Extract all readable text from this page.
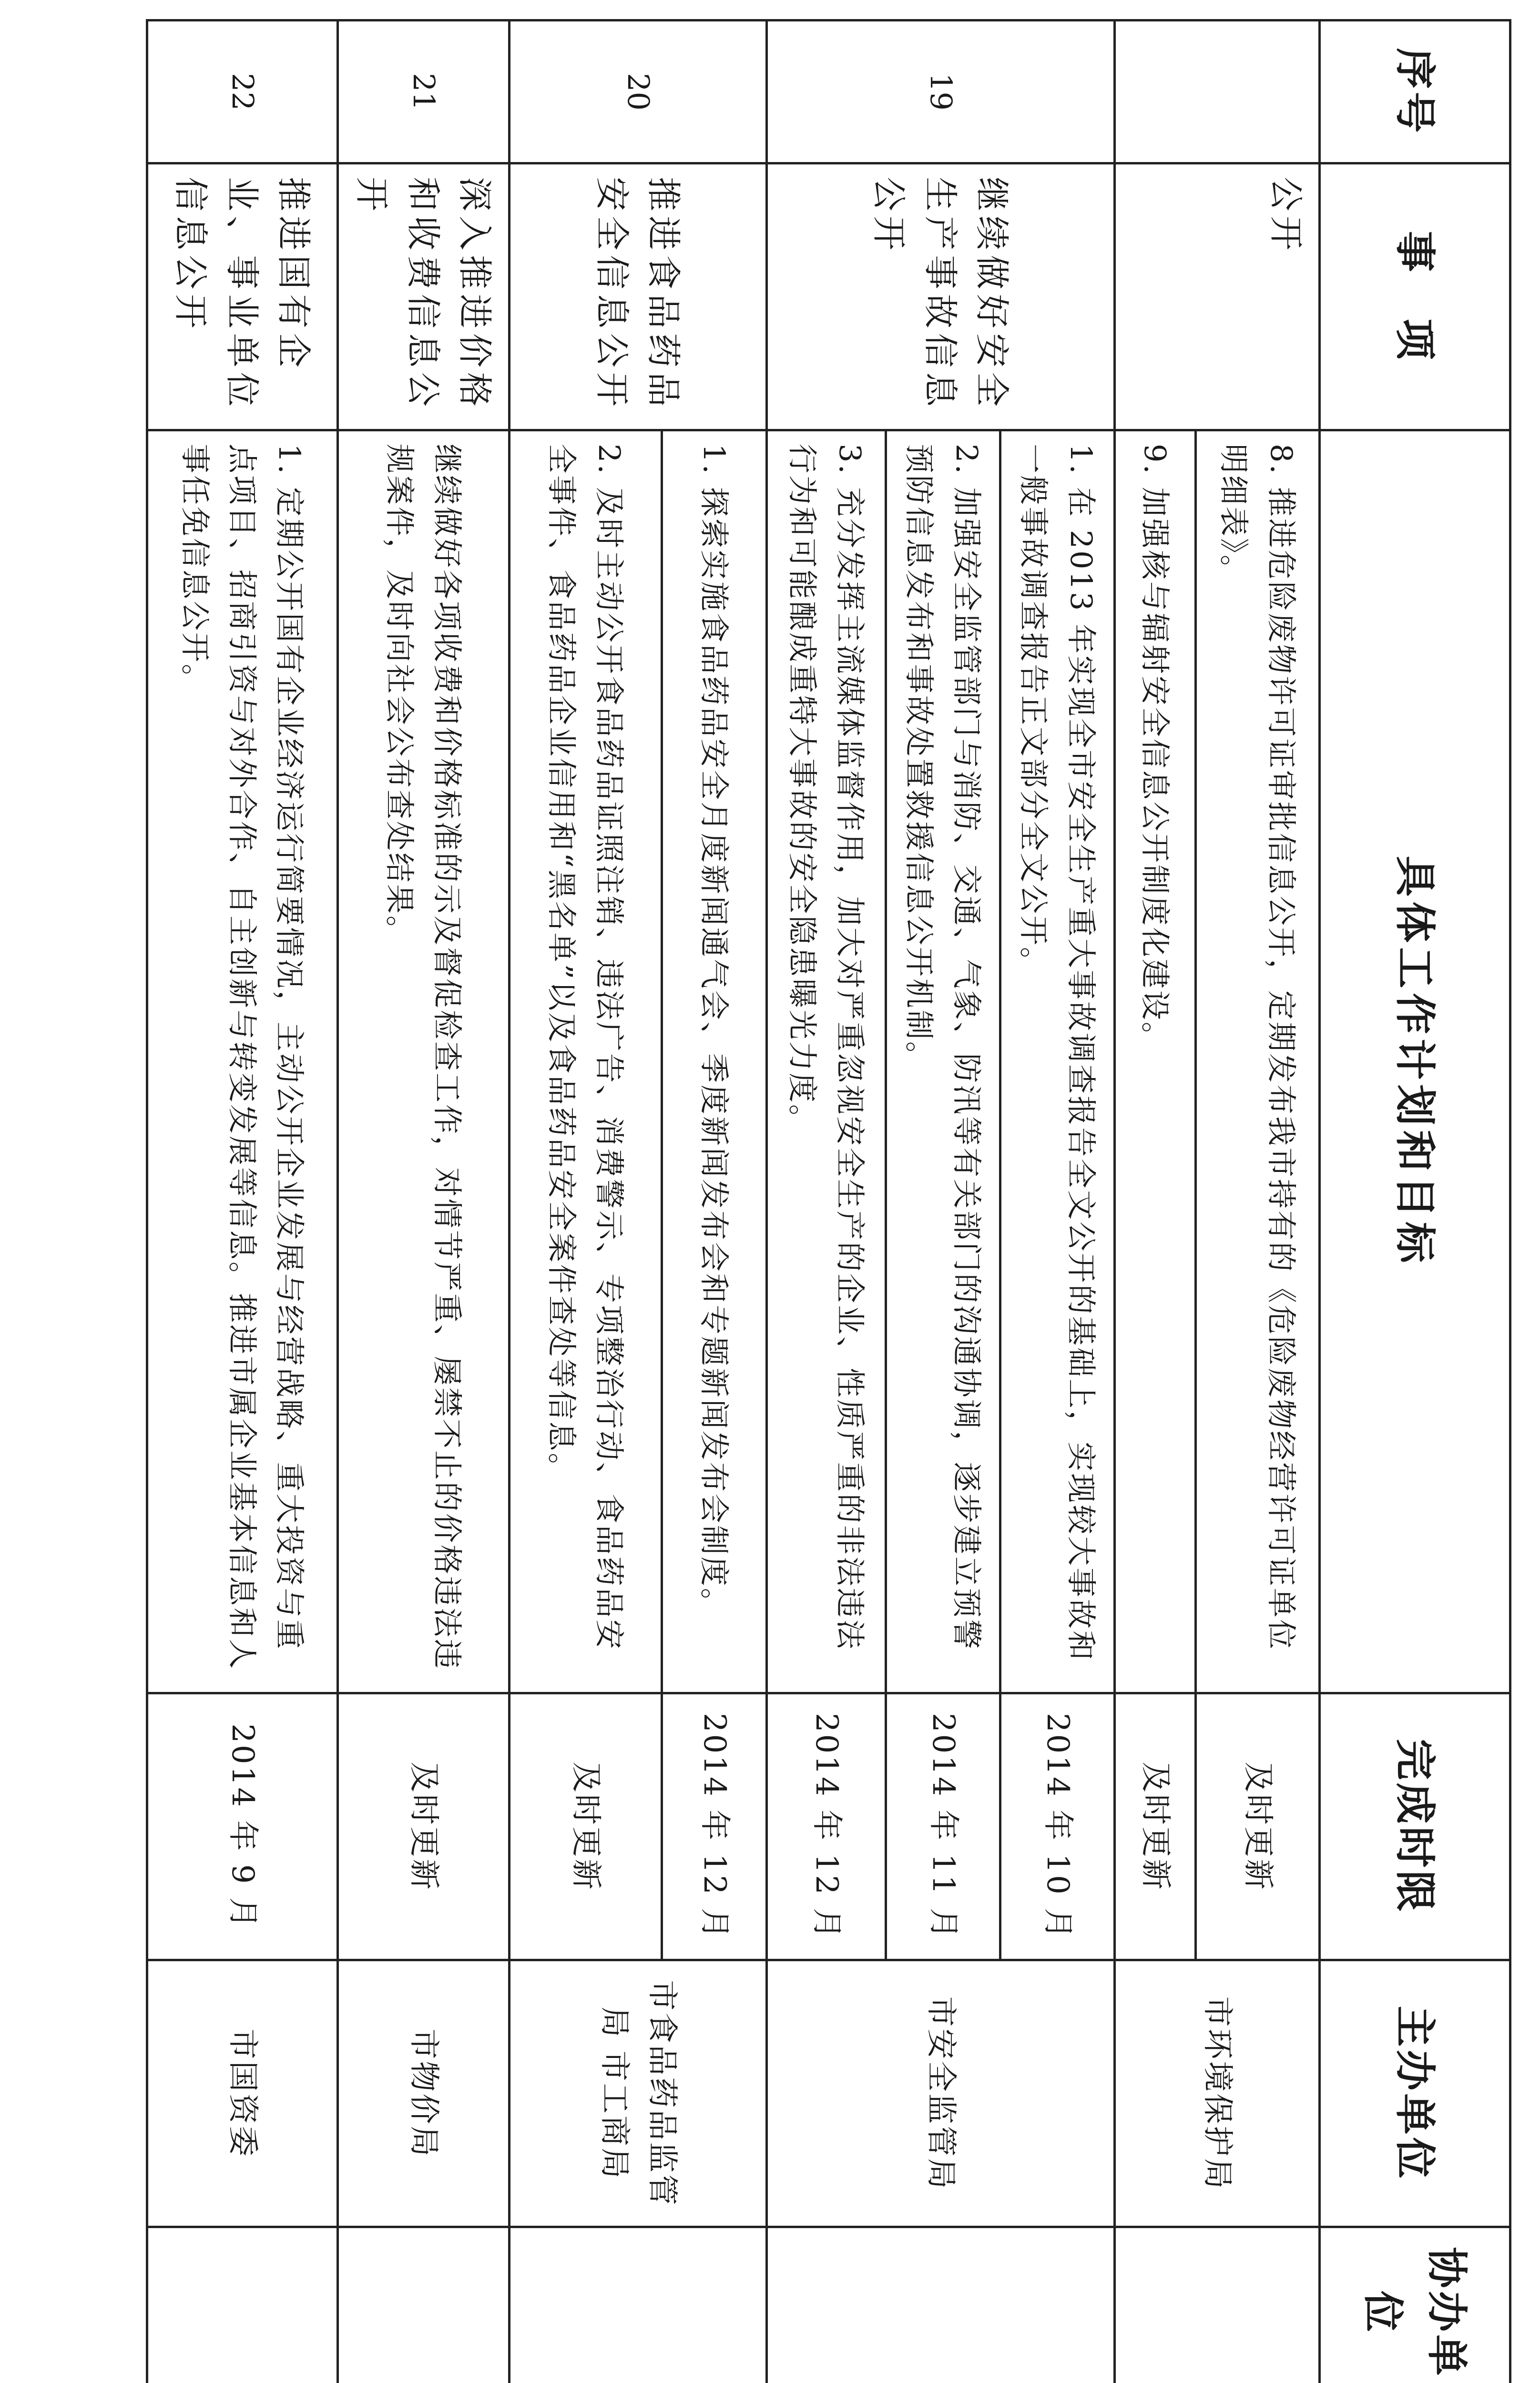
序号	事　项	具体工作计划和目标	完成时限	主办单位	协办单位
	公开	8. 推进危险废物许可证审批信息公开，定期发布我市持有的《危险废物经营许可证单位明细表》。	及时更新	市环境保护局	
		9. 加强核与辐射安全信息公开制度化建设。	及时更新		
19	继续做好安全生产事故信息公开	1. 在 2013 年实现全市安全生产重大事故调查报告全文公开的基础上，实现较大事故和一般事故调查报告正文部分全文公开。	2014 年 10 月	市安全监管局	
		2. 加强安全监管部门与消防、交通、气象、防汛等有关部门的沟通协调，逐步建立预警预防信息发布和事故处置救援信息公开机制。	2014 年 11 月		
		3. 充分发挥主流媒体监督作用，加大对严重忽视安全生产的企业、性质严重的非法违法行为和可能酿成重特大事故的安全隐患曝光力度。	2014 年 12 月		
20	推进食品药品安全信息公开	1. 探索实施食品药品安全月度新闻通气会、季度新闻发布会和专题新闻发布会制度。	2014 年 12 月	市食品药品监管局 市工商局	
		2. 及时主动公开食品药品证照注销、违法广告、消费警示、专项整治行动、食品药品安全事件、食品药品企业信用和“黑名单”以及食品药品安全案件查处等信息。	及时更新		
21	深入推进价格和收费信息公开	继续做好各项收费和价格标准的示及督促检查工作，对情节严重、屡禁不止的价格违法违规案件，及时向社会公布查处结果。	及时更新	市物价局	
22	推进国有企业、事业单位信息公开	1. 定期公开国有企业经济运行简要情况，主动公开企业发展与经营战略、重大投资与重点项目、招商引资与对外合作、自主创新与转变发展等信息。推进市属企业基本信息和人事任免信息公开。	2014 年 9 月	市国资委	
